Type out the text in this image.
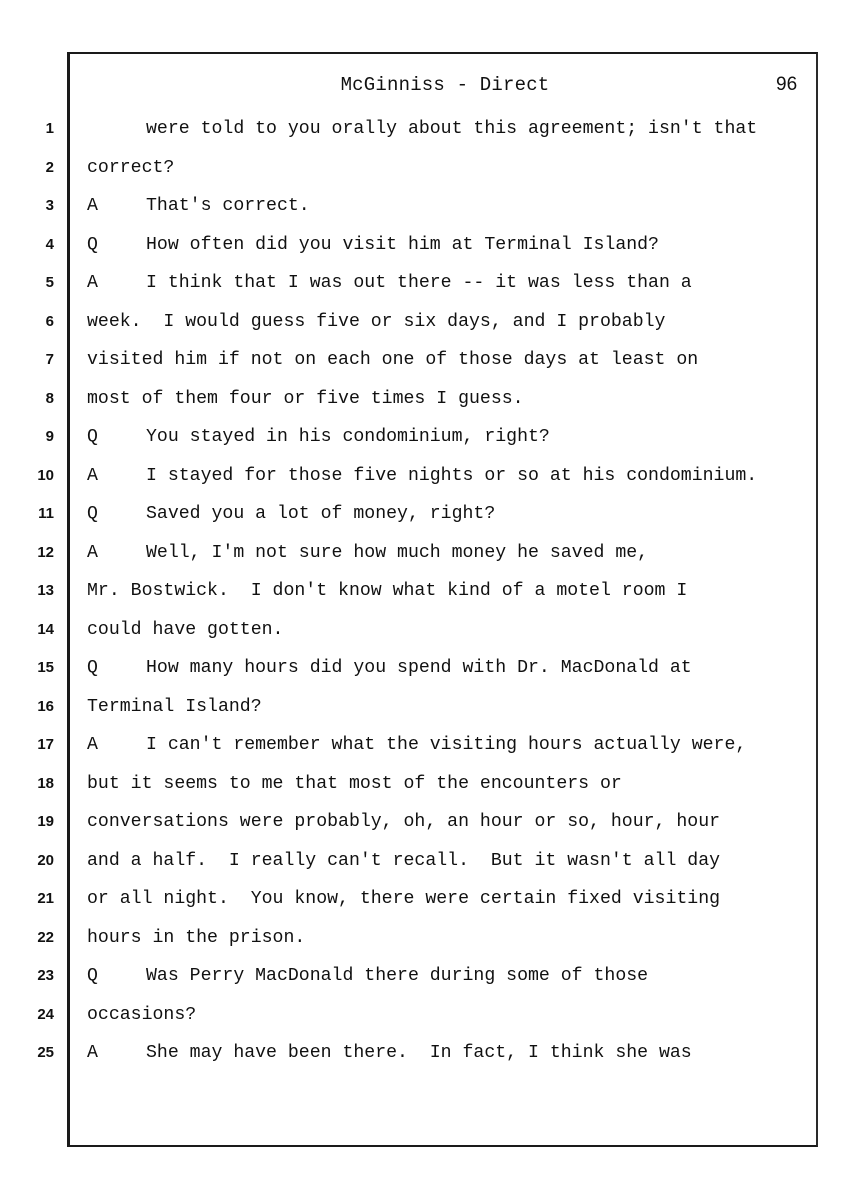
McGinniss - Direct	96
1	were told to you orally about this agreement; isn't that
2 correct?
3 A	That's correct.
4 Q	How often did you visit him at Terminal Island?
5 A	I think that I was out there -- it was less than a
6 week.  I would guess five or six days, and I probably
7 visited him if not on each one of those days at least on
8 most of them four or five times I guess.
9 Q	You stayed in his condominium, right?
10 A	I stayed for those five nights or so at his condominium.
11 Q	Saved you a lot of money, right?
12 A	Well, I'm not sure how much money he saved me,
13 Mr. Bostwick.  I don't know what kind of a motel room I
14 could have gotten.
15 Q	How many hours did you spend with Dr. MacDonald at
16 Terminal Island?
17 A	I can't remember what the visiting hours actually were,
18 but it seems to me that most of the encounters or
19 conversations were probably, oh, an hour or so, hour, hour
20 and a half.  I really can't recall.  But it wasn't all day
21 or all night.  You know, there were certain fixed visiting
22 hours in the prison.
23 Q	Was Perry MacDonald there during some of those
24 occasions?
25 A	She may have been there.  In fact, I think she was
